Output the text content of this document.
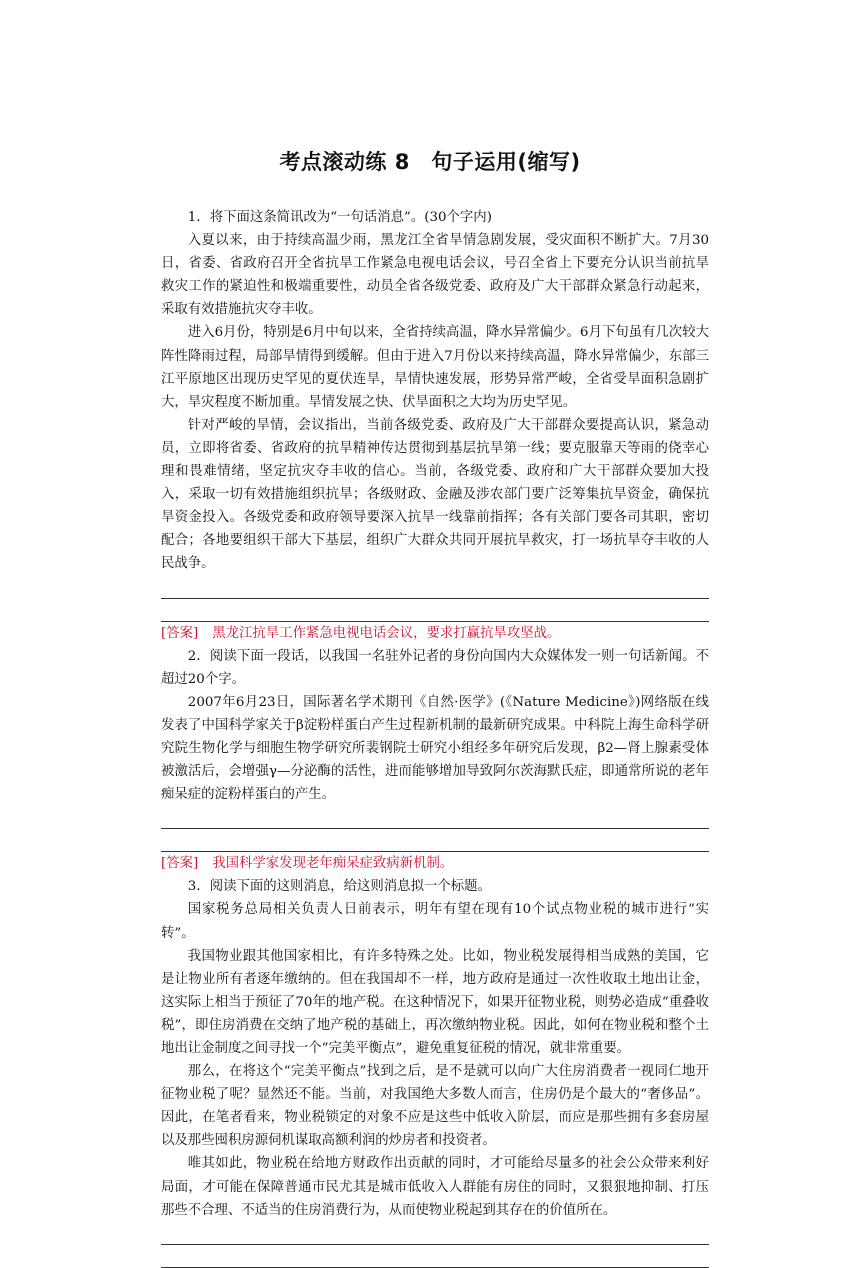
考点滚动练 8　句子运用(缩写)

1．将下面这条简讯改为“一句话消息”。(30个字内)

入夏以来，由于持续高温少雨，黑龙江全省旱情急剧发展，受灾面积不断扩大。7月30日，省委、省政府召开全省抗旱工作紧急电视电话会议，号召全省上下要充分认识当前抗旱救灾工作的紧迫性和极端重要性，动员全省各级党委、政府及广大干部群众紧急行动起来，采取有效措施抗灾夺丰收。

进入6月份，特别是6月中旬以来，全省持续高温，降水异常偏少。6月下旬虽有几次较大阵性降雨过程，局部旱情得到缓解。但由于进入7月份以来持续高温，降水异常偏少，东部三江平原地区出现历史罕见的夏伏连旱，旱情快速发展，形势异常严峻，全省受旱面积急剧扩大，旱灾程度不断加重。旱情发展之快、伏旱面积之大均为历史罕见。

针对严峻的旱情，会议指出，当前各级党委、政府及广大干部群众要提高认识，紧急动员，立即将省委、省政府的抗旱精神传达贯彻到基层抗旱第一线；要克服靠天等雨的侥幸心理和畏难情绪，坚定抗灾夺丰收的信心。当前，各级党委、政府和广大干部群众要加大投入，采取一切有效措施组织抗旱；各级财政、金融及涉农部门要广泛筹集抗旱资金，确保抗旱资金投入。各级党委和政府领导要深入抗旱一线靠前指挥；各有关部门要各司其职，密切配合；各地要组织干部大下基层，组织广大群众共同开展抗旱救灾，打一场抗旱夺丰收的人民战争。

[答案] 黑龙江抗旱工作紧急电视电话会议，要求打赢抗旱攻坚战。

2．阅读下面一段话，以我国一名驻外记者的身份向国内大众媒体发一则一句话新闻。不超过20个字。

2007年6月23日，国际著名学术期刊《自然·医学》(《Nature Medicine》)网络版在线发表了中国科学家关于β淀粉样蛋白产生过程新机制的最新研究成果。中科院上海生命科学研究院生物化学与细胞生物学研究所裴钢院士研究小组经多年研究后发现，β2—肾上腺素受体被激活后，会增强γ—分泌酶的活性，进而能够增加导致阿尔茨海默氏症，即通常所说的老年痴呆症的淀粉样蛋白的产生。

[答案] 我国科学家发现老年痴呆症致病新机制。

3．阅读下面的这则消息，给这则消息拟一个标题。

国家税务总局相关负责人日前表示，明年有望在现有10个试点物业税的城市进行“实转”。

我国物业跟其他国家相比，有许多特殊之处。比如，物业税发展得相当成熟的美国，它是让物业所有者逐年缴纳的。但在我国却不一样，地方政府是通过一次性收取土地出让金，这实际上相当于预征了70年的地产税。在这种情况下，如果开征物业税，则势必造成“重叠收税”，即住房消费在交纳了地产税的基础上，再次缴纳物业税。因此，如何在物业税和整个土地出让金制度之间寻找一个“完美平衡点”，避免重复征税的情况，就非常重要。

那么，在将这个“完美平衡点”找到之后，是不是就可以向广大住房消费者一视同仁地开征物业税了呢？显然还不能。当前，对我国绝大多数人而言，住房仍是个最大的“奢侈品”。因此，在笔者看来，物业税锁定的对象不应是这些中低收入阶层，而应是那些拥有多套房屋以及那些囤积房源伺机谋取高额利润的炒房者和投资者。

唯其如此，物业税在给地方财政作出贡献的同时，才可能给尽量多的社会公众带来利好局面，才可能在保障普通市民尤其是城市低收入人群能有房住的同时，又狠狠地抑制、打压那些不合理、不适当的住房消费行为，从而使物业税起到其存在的价值所在。
